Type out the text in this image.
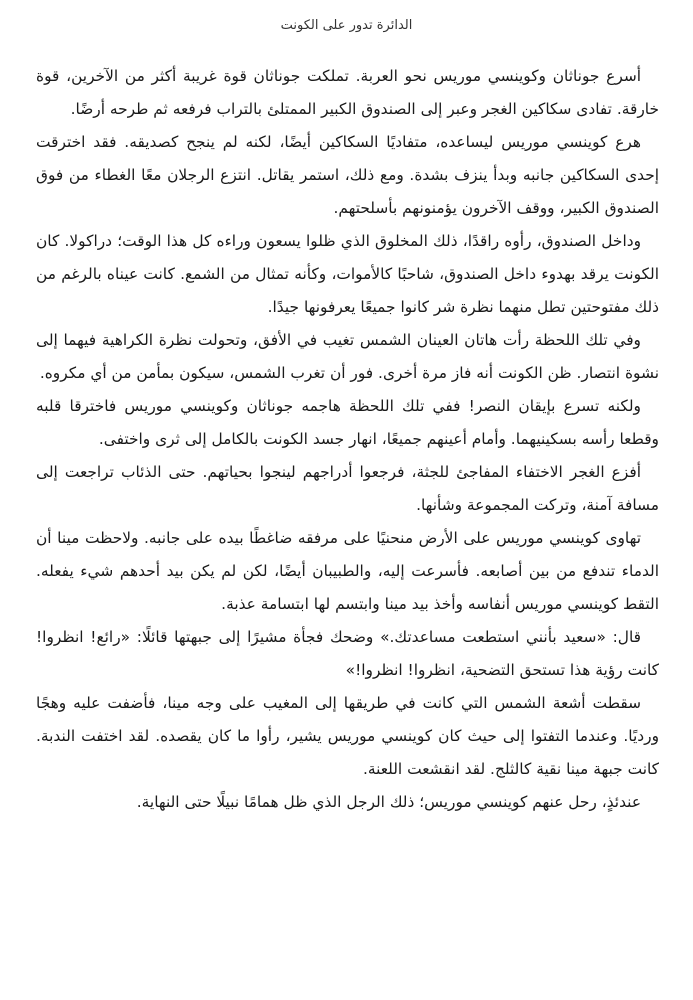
الدائرة تدور على الكونت

أسرع جوناثان وكوينسي موريس نحو العربة. تملكت جوناثان قوة غريبة أكثر من الآخرين، قوة خارقة. تفادى سكاكين الغجر وعبر إلى الصندوق الكبير الممتلئ بالتراب فرفعه ثم طرحه أرضًا.

هرع كوينسي موريس ليساعده، متفاديًا السكاكين أيضًا، لكنه لم ينجح كصديقه. فقد اخترقت إحدى السكاكين جانبه وبدأ ينزف بشدة. ومع ذلك، استمر يقاتل. انتزع الرجلان معًا الغطاء من فوق الصندوق الكبير، ووقف الآخرون يؤمنونهم بأسلحتهم.

وداخل الصندوق، رأوه راقدًا، ذلك المخلوق الذي ظلوا يسعون وراءه كل هذا الوقت؛ دراكولا. كان الكونت يرقد بهدوء داخل الصندوق، شاحبًا كالأموات، وكأنه تمثال من الشمع. كانت عيناه بالرغم من ذلك مفتوحتين تطل منهما نظرة شر كانوا جميعًا يعرفونها جيدًا.

وفي تلك اللحظة رأت هاتان العينان الشمس تغيب في الأفق، وتحولت نظرة الكراهية فيهما إلى نشوة انتصار. ظن الكونت أنه فاز مرة أخرى. فور أن تغرب الشمس، سيكون بمأمن من أي مكروه.

ولكنه تسرع بإيقان النصر! ففي تلك اللحظة هاجمه جوناثان وكوينسي موريس فاخترقا قلبه وقطعا رأسه بسكينيهما. وأمام أعينهم جميعًا، انهار جسد الكونت بالكامل إلى ثرى واختفى.

أفزع الغجر الاختفاء المفاجئ للجثة، فرجعوا أدراجهم لينجوا بحياتهم. حتى الذئاب تراجعت إلى مسافة آمنة، وتركت المجموعة وشأنها.

تهاوى كوينسي موريس على الأرض منحنيًا على مرفقه ضاغطًا بيده على جانبه. ولاحظت مينا أن الدماء تندفع من بين أصابعه. فأسرعت إليه، والطبيبان أيضًا، لكن لم يكن بيد أحدهم شيء يفعله. التقط كوينسي موريس أنفاسه وأخذ بيد مينا وابتسم لها ابتسامة عذبة.

قال: «سعيد بأنني استطعت مساعدتك.» وضحك فجأة مشيرًا إلى جبهتها قائلًا: «رائع! انظروا! كانت رؤية هذا تستحق التضحية، انظروا! انظروا!»

سقطت أشعة الشمس التي كانت في طريقها إلى المغيب على وجه مينا، فأضفت عليه وهجًا ورديًا. وعندما التفتوا إلى حيث كان كوينسي موريس يشير، رأوا ما كان يقصده. لقد اختفت الندبة. كانت جبهة مينا نقية كالثلج. لقد انقشعت اللعنة.

عندئذٍ، رحل عنهم كوينسي موريس؛ ذلك الرجل الذي ظل همامًا نبيلًا حتى النهاية.
